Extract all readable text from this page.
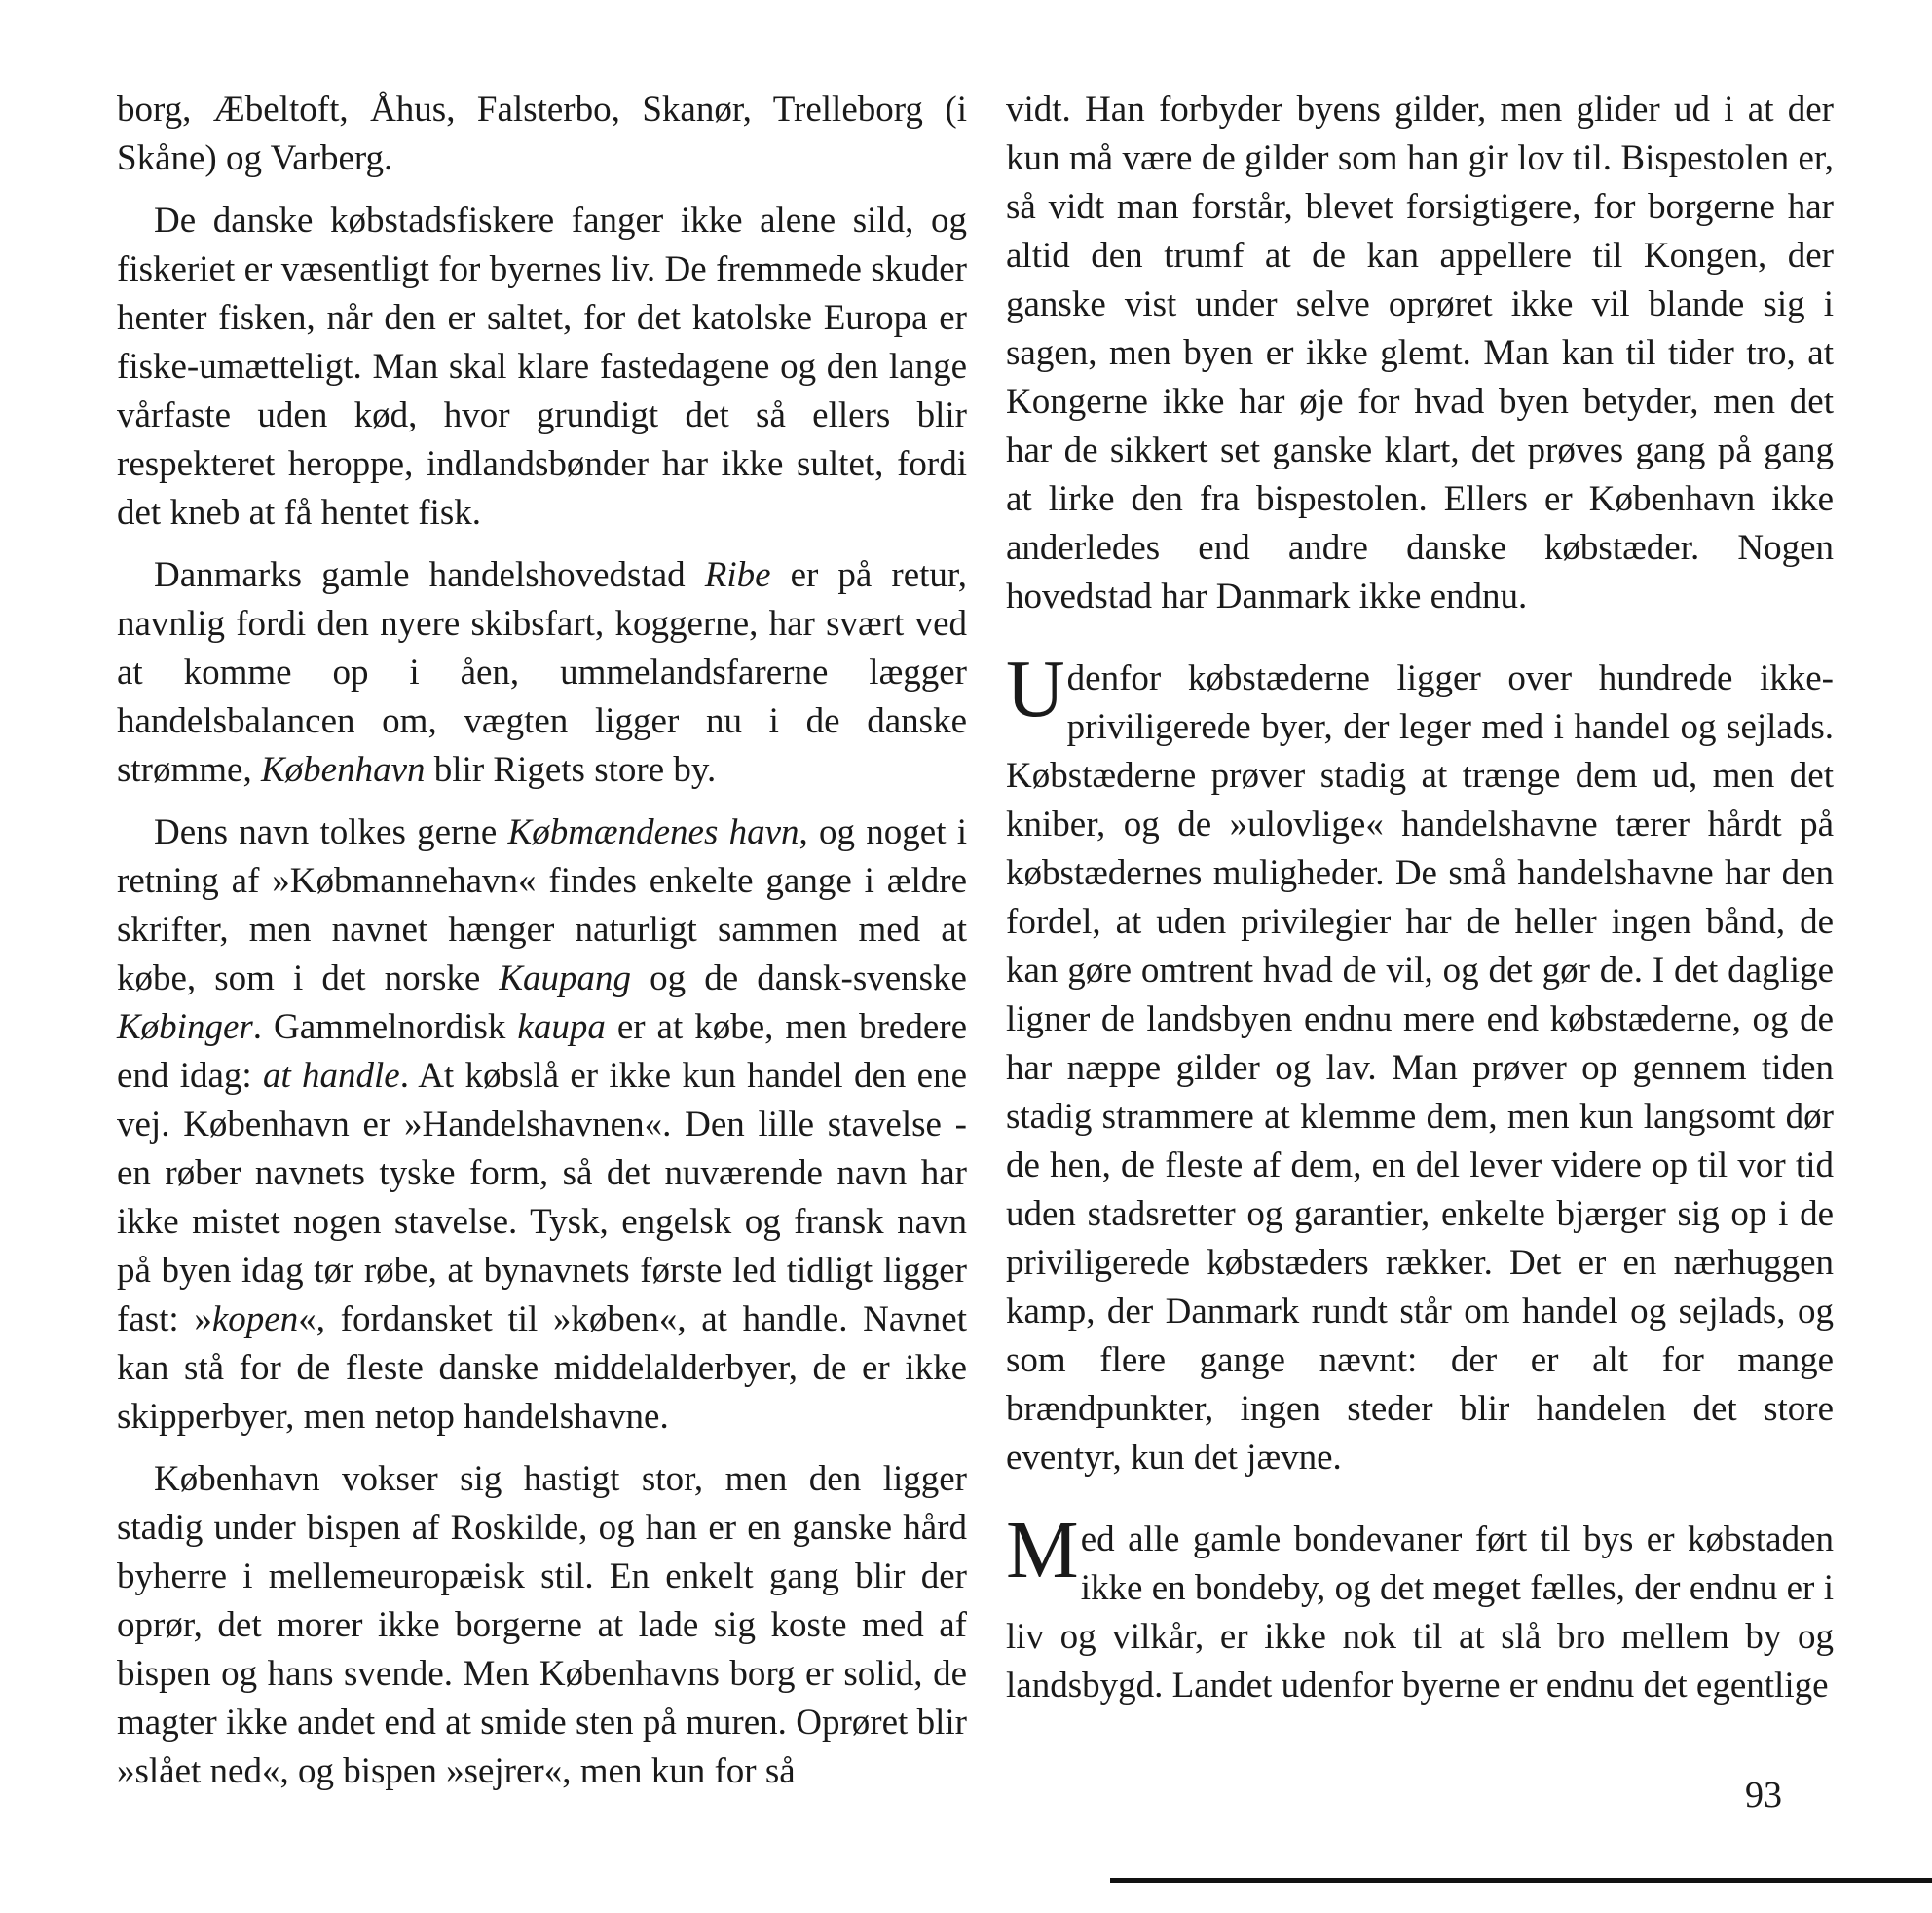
borg, Æbeltoft, Åhus, Falsterbo, Skanør, Trelleborg (i Skåne) og Varberg.

De danske købstadsfiskere fanger ikke alene sild, og fiskeriet er væsentligt for byernes liv. De fremmede skuder henter fisken, når den er saltet, for det katolske Europa er fiske-umætteligt. Man skal klare fastedagene og den lange vårfaste uden kød, hvor grundigt det så ellers blir respekteret heroppe, indlandsbønder har ikke sultet, fordi det kneb at få hentet fisk.

Danmarks gamle handelshovedstad Ribe er på retur, navnlig fordi den nyere skibsfart, koggerne, har svært ved at komme op i åen, ummelandsfarerne lægger handelsbalancen om, vægten ligger nu i de danske strømme, København blir Rigets store by.

Dens navn tolkes gerne Købmændenes havn, og noget i retning af »Købmannehavn« findes enkelte gange i ældre skrifter, men navnet hænger naturligt sammen med at købe, som i det norske Kaupang og de dansk-svenske Købinger. Gammelnordisk kaupa er at købe, men bredere end idag: at handle. At købslå er ikke kun handel den ene vej. København er »Handelshavnen«. Den lille stavelse -en røber navnets tyske form, så det nuværende navn har ikke mistet nogen stavelse. Tysk, engelsk og fransk navn på byen idag tør røbe, at bynavnets første led tidligt ligger fast: »kopen«, fordansket til »køben«, at handle. Navnet kan stå for de fleste danske middelalderbyer, de er ikke skipperbyer, men netop handelshavne.

København vokser sig hastigt stor, men den ligger stadig under bispen af Roskilde, og han er en ganske hård byherre i mellemeuropæisk stil. En enkelt gang blir der oprør, det morer ikke borgerne at lade sig koste med af bispen og hans svende. Men Københavns borg er solid, de magter ikke andet end at smide sten på muren. Oprøret blir »slået ned«, og bispen »sejrer«, men kun for så

vidt. Han forbyder byens gilder, men glider ud i at der kun må være de gilder som han gir lov til. Bispestolen er, så vidt man forstår, blevet forsigtigere, for borgerne har altid den trumf at de kan appellere til Kongen, der ganske vist under selve oprøret ikke vil blande sig i sagen, men byen er ikke glemt. Man kan til tider tro, at Kongerne ikke har øje for hvad byen betyder, men det har de sikkert set ganske klart, det prøves gang på gang at lirke den fra bispestolen. Ellers er København ikke anderledes end andre danske købstæder. Nogen hovedstad har Danmark ikke endnu.

Udenfor købstæderne ligger over hundrede ikke-priviligerede byer, der leger med i handel og sejlads. Købstæderne prøver stadig at trænge dem ud, men det kniber, og de »ulovlige« handelshavne tærer hårdt på købstædernes muligheder. De små handelshavne har den fordel, at uden privilegier har de heller ingen bånd, de kan gøre omtrent hvad de vil, og det gør de. I det daglige ligner de landsbyen endnu mere end købstæderne, og de har næppe gilder og lav. Man prøver op gennem tiden stadig strammere at klemme dem, men kun langsomt dør de hen, de fleste af dem, en del lever videre op til vor tid uden stadsretter og garantier, enkelte bjærger sig op i de priviligerede købstæders rækker. Det er en nærhuggen kamp, der Danmark rundt står om handel og sejlads, og som flere gange nævnt: der er alt for mange brændpunkter, ingen steder blir handelen det store eventyr, kun det jævne.

Med alle gamle bondevaner ført til bys er købstaden ikke en bondeby, og det meget fælles, der endnu er i liv og vilkår, er ikke nok til at slå bro mellem by og landsbygd. Landet udenfor byerne er endnu det egentlige

93
